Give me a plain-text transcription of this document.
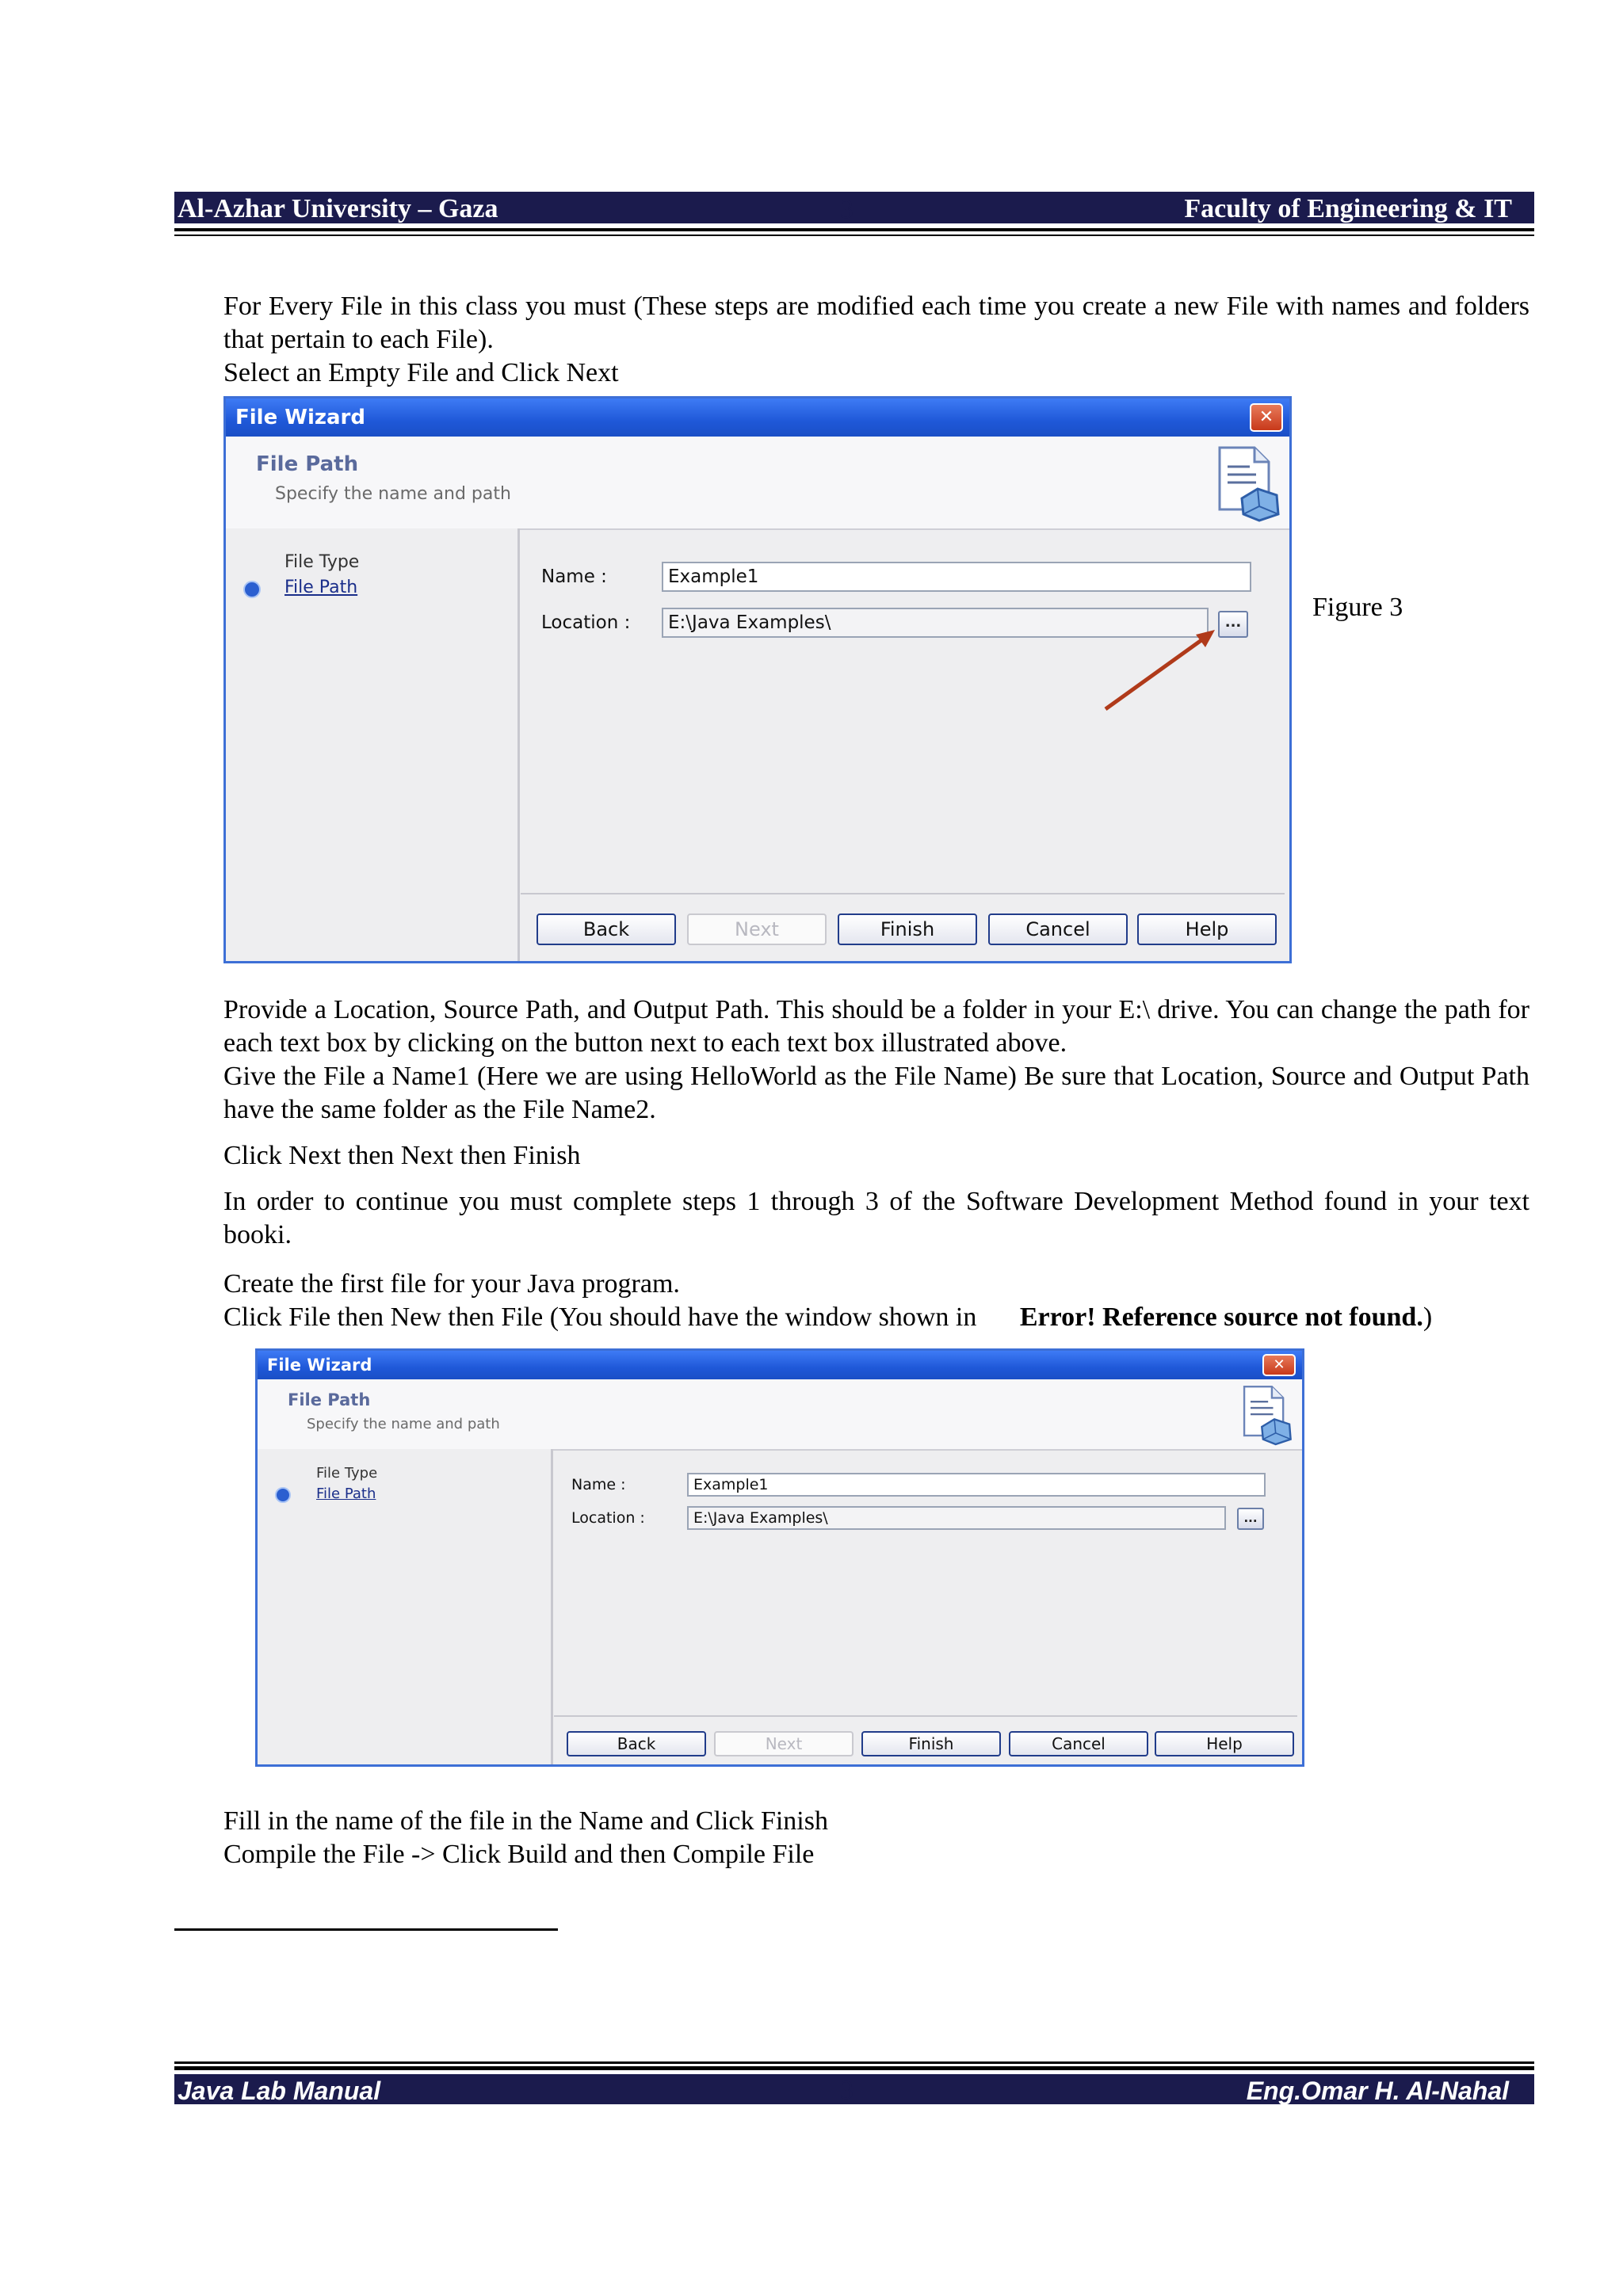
Al-Azhar University – Gaza	Faculty of Engineering & IT
3
For Every File in this class you must (These steps are modified each time you create a new File with names and folders that pertain to each File).
Select an Empty File and Click Next
File Wizard	✕
File Path
Specify the name and path
File Type
File Path
Name :	Example1
Location :	E:\Java Examples\	...
Back	Next	Finish	Cancel	Help
Figure 3
Provide a Location, Source Path, and Output Path. This should be a folder in your E:\ drive. You can change the path for each text box by clicking on the button next to each text box illustrated above.
Give the File a Name1 (Here we are using HelloWorld as the File Name) Be sure that Location, Source and Output Path have the same folder as the File Name2.
Click Next then Next then Finish
In order to continue you must complete steps 1 through 3 of the Software Development Method found in your text booki.
Create the first file for your Java program.
Click File then New then File (You should have the window shown in Error! Reference source not found.)
File Wizard	✕
File Path
Specify the name and path
File Type
File Path
Name :	Example1
Location :	E:\Java Examples\	...
Back	Next	Finish	Cancel	Help
Fill in the name of the file in the Name and Click Finish
Compile the File -> Click Build and then Compile File
Java Lab Manual	Eng.Omar H. Al-Nahal
3
